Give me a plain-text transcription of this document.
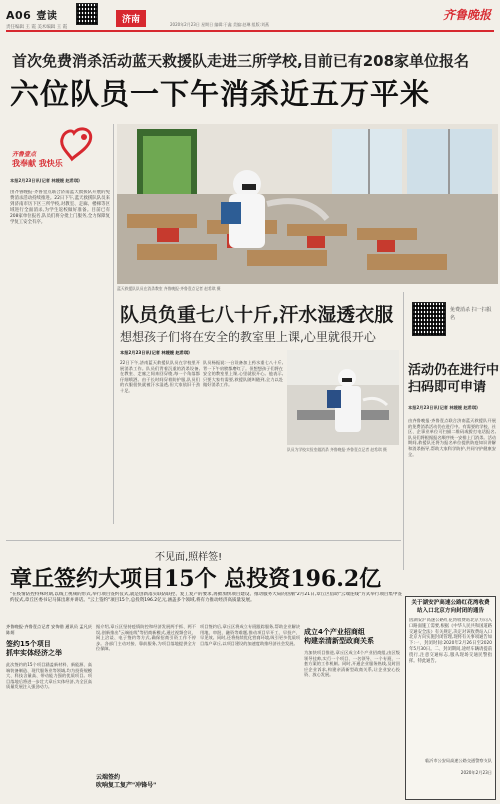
A06 壹读
责任编辑 王 霞 美术编辑 王 霞
济南	2020年2月23日 星期日 编辑:于鑫 美编:赵琳 组版:刘燕
齐鲁晚报
首次免费消杀活动蓝天救援队走进三所学校,目前已有208家单位报名
六位队员一下午消杀近五万平米
齐鲁壹点
我奉献 我快乐
本报2月23日讯(记者 林媛媛 赵希琪)
由齐鲁晚报·齐鲁壹点联合济南蓝天救援队开展的免费消杀活动持续推进。22日下午,蓝天救援队队员来到济南市历下区三所学校,对教室、走廊、楼梯等区域进行全面消杀,为学生返校做好准备。目前已有208家单位报名,队员们将分批上门服务,全力保障复学复工安全有序。
蓝天救援队队员在消杀教室 齐鲁晚报·齐鲁壹点记者 赵希琪 摄
队员负重七八十斤,汗水湿透衣服
想想孩子们将在安全的教室里上课,心里就很开心
本报2月23日讯(记者 林媛媛 赵希琪)
22日下午,济南蓝天救援队队员在学校里开展消杀工作。队员们背着沉重的消杀设备,在教室、走廊之间来回穿梭,每一个角落都仔细喷洒。由于长时间穿着防护服,队员们的衣服很快就被汗水湿透,但大家依旧干劲十足。
队员杨振说:一台设备加上药水重七八十斤,背一下午肩膀都磨红了。但想想孩子们将在安全的教室里上课,心里就很开心。他表示,只要大家有需要,救援队随叫随到,全力以赴做好消杀工作。
队员为学校实验室做消杀 齐鲁晚报·齐鲁壹点记者 赵希琪 摄
免费消杀 扫一扫报名
活动仍在进行中
扫码即可申请
本报2月23日讯(记者 林媛媛 赵希琪)
由齐鲁晚报·齐鲁壹点联合济南蓝天救援队开展的免费消杀活动仍在进行中。有需要的学校、社区、企事业单位可扫描二维码或拨打电话报名,队员们将根据报名顺序统一安排上门消杀。活动期间,救援队还将为报名单位提供防疫知识讲解和消杀指导,帮助大家科学防护,共同守护健康安全。
不见面,照样签!
章丘签约大项目15个 总投资196.2亿
"在疫情防控特殊时期,以线上视频的形式,举行项目签约仪式,就是创新落实联防联控、复工复产的要求,再掀加快项目建设、推动服务大局的热潮"2月21日,章丘区借助"云端连线"方式举行项目集中签约仪式,章丘区委书记马俫出席并讲话。"云上签约"项目15个,总投资196.2亿元,涵盖多个领域,将有力推动经济高质量发展。
齐鲁晚报·齐鲁壹点记者 安恂借 通讯员 孟凡庆 陈炳
签约15个项目
抓牢实体经济之举
此次签约的15个项目涵盖新材料、新能源、高端装备制造、现代服务业等领域,均为投资规模大、科技含量高、带动能力强的优质项目。项目落地后将进一步壮大章丘实体经济,为全区高质量发展注入强劲动力。
据介绍,章丘区坚持疫情防控和经济发展两手抓、两不误,创新推出"云端连线"等招商新模式,通过视频会议、网上洽谈、电子签约等方式,确保招商引资工作不停步。各部门主动对接、靠前服务,为项目落地提供全方位保障。
云端签约
吹响复工复产"冲锋号"
项目签约后,章丘区将成立专班跟踪服务,帮助企业解决用地、审批、融资等难题,推动项目早开工、早投产、早见效。同时,还将持续优化营商环境,吸引更多优质项目落户章丘,以项目建设的加速度助推经济社会发展。
成立4个产业招商组
构建亲清新型政商关系
为加快项目推进,章丘区成立4个产业招商组,由区级领导挂帅,实行一个项目、一名领导、一个专班、一套方案的工作机制。同时,开通企业服务热线,及时回应企业诉求,构建亲清新型政商关系,让企业安心投资、放心发展。
关于湖安沪高速公路红花湾收费站入口北京方向封闭的通告
因湖安沪高速公路红花湾收费站北京方向入口路面施工需要,根据《中华人民共和国道路交通安全法》有关规定,决定对该收费站入口北京方向实施封闭管理,现将有关事项通告如下:一、封闭时间:2020年2月26日至2020年5月30日。二、封闭期间,途经车辆请提前绕行,注意交通标志,服从现场交通民警指挥。特此通告。
临沂市公安局高速公路交通警察支队
2020年2月23日
